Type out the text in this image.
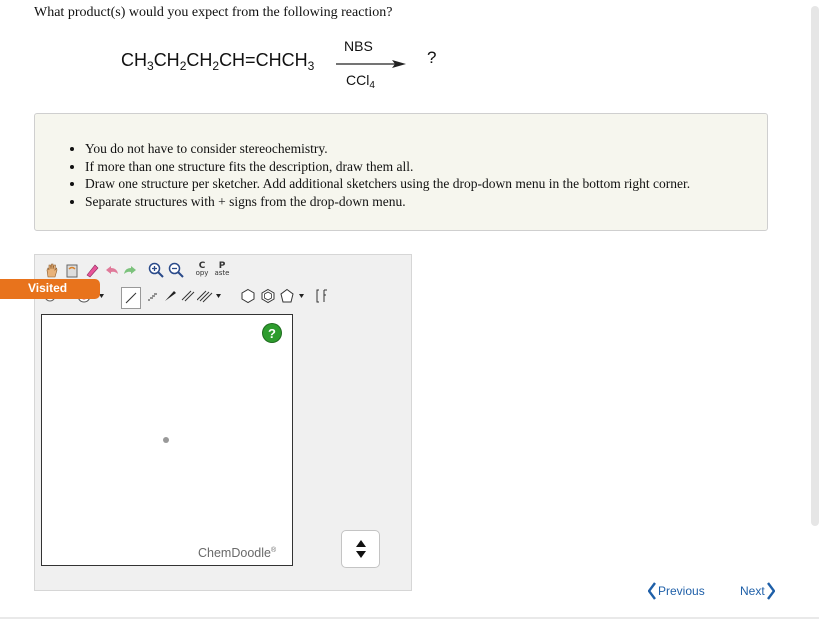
What product(s) would you expect from the following reaction?
$CH_3CH_2CH_2CH=CHCH_3$
NBS
CCl$_4$
?
• You do not have to consider stereochemistry.
• If more than one structure fits the description, draw them all.
• Draw one structure per sketcher. Add additional sketchers using the drop-down menu in the bottom right corner.
• Separate structures with + signs from the drop-down menu.
C
opy
P
aste
?
ChemDoodle®
Visited
Previous	Next
